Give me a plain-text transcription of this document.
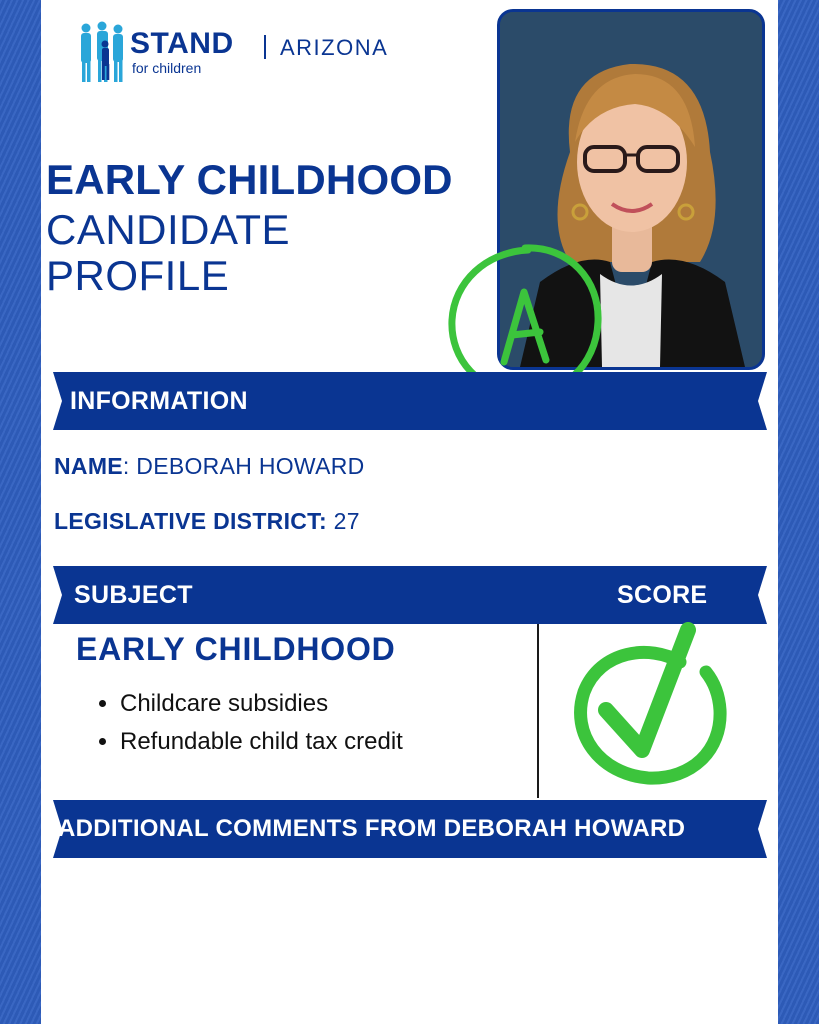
STAND
for children
ARIZONA
EARLY CHILDHOOD
CANDIDATE
PROFILE
INFORMATION
NAME: DEBORAH HOWARD
LEGISLATIVE DISTRICT: 27
SUBJECT	SCORE
EARLY CHILDHOOD
• Childcare subsidies
• Refundable child tax credit
ADDITIONAL COMMENTS FROM DEBORAH HOWARD
